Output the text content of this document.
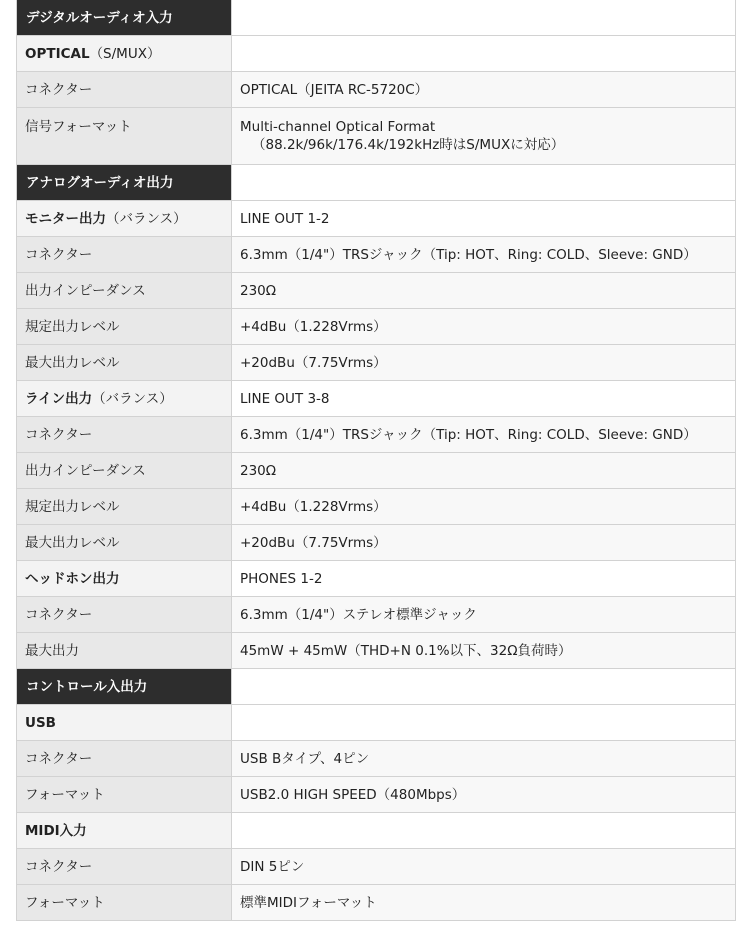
デジタルオーディオ入力	
OPTICAL（S/MUX）	
コネクター	OPTICAL（JEITA RC-5720C）
信号フォーマット	Multi-channel Optical Format
（88.2k/96k/176.4k/192kHz時はS/MUXに対応）

アナログオーディオ出力	
モニター出力（バランス）	LINE OUT 1-2
コネクター	6.3mm（1/4"）TRSジャック（Tip: HOT、Ring: COLD、Sleeve: GND）
出力インピーダンス	230Ω
規定出力レベル	+4dBu（1.228Vrms）
最大出力レベル	+20dBu（7.75Vrms）
ライン出力（バランス）	LINE OUT 3-8
コネクター	6.3mm（1/4"）TRSジャック（Tip: HOT、Ring: COLD、Sleeve: GND）
出力インピーダンス	230Ω
規定出力レベル	+4dBu（1.228Vrms）
最大出力レベル	+20dBu（7.75Vrms）
ヘッドホン出力	PHONES 1-2
コネクター	6.3mm（1/4"）ステレオ標準ジャック
最大出力	45mW + 45mW（THD+N 0.1%以下、32Ω負荷時）
コントロール入出力	
USB	
コネクター	USB Bタイプ、4ピン
フォーマット	USB2.0 HIGH SPEED（480Mbps）
MIDI入力	
コネクター	DIN 5ピン
フォーマット	標準MIDIフォーマット
